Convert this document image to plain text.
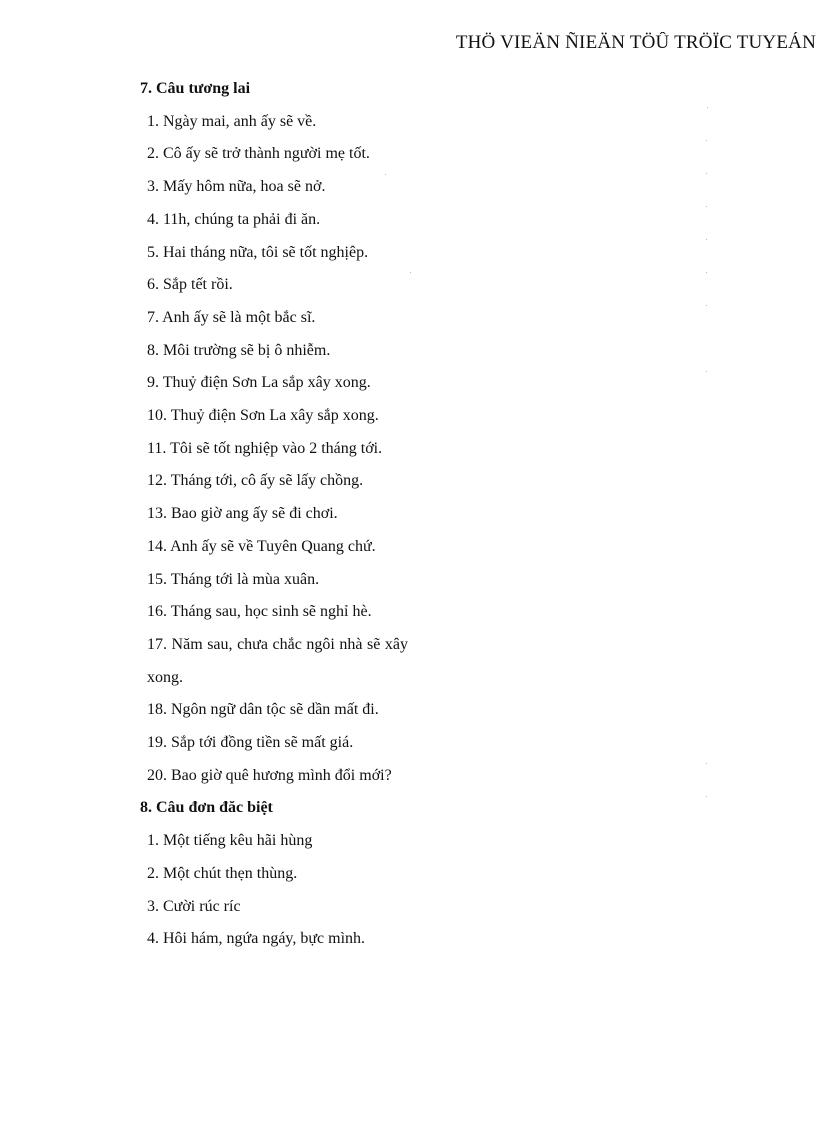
THÖ VIEÄN ÑIEÄN TÖÛ TRÖÏC TUYEÁN
7. Câu tương lai
1. Ngày mai, anh ấy sẽ về.
2. Cô ấy sẽ trở thành người mẹ tốt.
3. Mấy hôm nữa, hoa sẽ nở.
4. 11h, chúng ta phải đi ăn.
5. Hai tháng nữa, tôi sẽ tốt nghịêp.
6. Sắp tết rồi.
7. Anh ấy sẽ là một bắc sĩ.
8. Môi trường sẽ bị ô nhiễm.
9. Thuỷ điện Sơn La sắp xây xong.
10. Thuỷ điện Sơn La xây sắp xong.
11. Tôi sẽ tốt nghiệp vào 2 tháng tới.
12. Tháng tới, cô ấy sẽ lấy chồng.
13. Bao giờ ang ấy sẽ đi chơi.
14. Anh ấy sẽ về Tuyên Quang chứ.
15. Tháng tới là mùa xuân.
16. Tháng sau, học sinh sẽ nghỉ hè.
17. Năm sau, chưa chắc ngôi nhà sẽ xây xong.
18. Ngôn ngữ dân tộc sẽ dần mất đi.
19. Sắp tới đồng tiền sẽ mất giá.
20. Bao giờ quê hương mình đổi mới?
8. Câu đơn đăc biệt
1. Một tiếng kêu hãi hùng
2. Một chút thẹn thùng.
3. Cười rúc ríc
4. Hôi hám, ngứa ngáy, bực mình.
